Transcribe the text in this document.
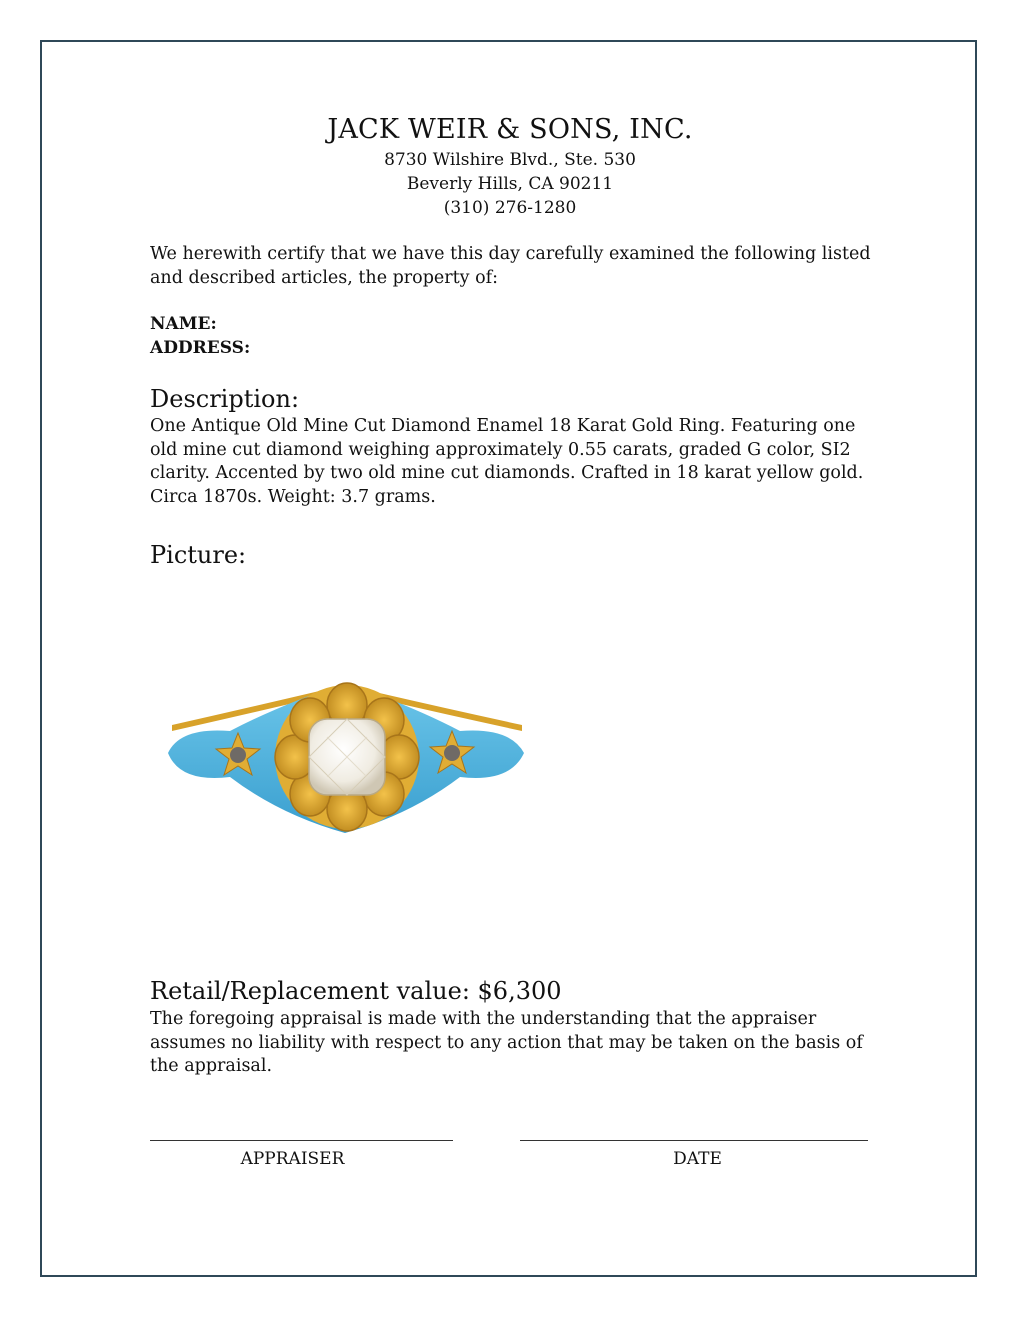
JACK WEIR & SONS, INC.
8730 Wilshire Blvd., Ste. 530
Beverly Hills, CA 90211
(310) 276-1280
We herewith certify that we have this day carefully examined the following listed and described articles, the property of:
NAME:
ADDRESS:
Description:
One Antique Old Mine Cut Diamond Enamel 18 Karat Gold Ring. Featuring one old mine cut diamond weighing approximately 0.55 carats, graded G color, SI2 clarity. Accented by two old mine cut diamonds. Crafted in 18 karat yellow gold. Circa 1870s. Weight: 3.7 grams.
Picture:
Retail/Replacement value: $6,300
The foregoing appraisal is made with the understanding that the appraiser assumes no liability with respect to any action that may be taken on the basis of the appraisal.
APPRAISER	DATE
